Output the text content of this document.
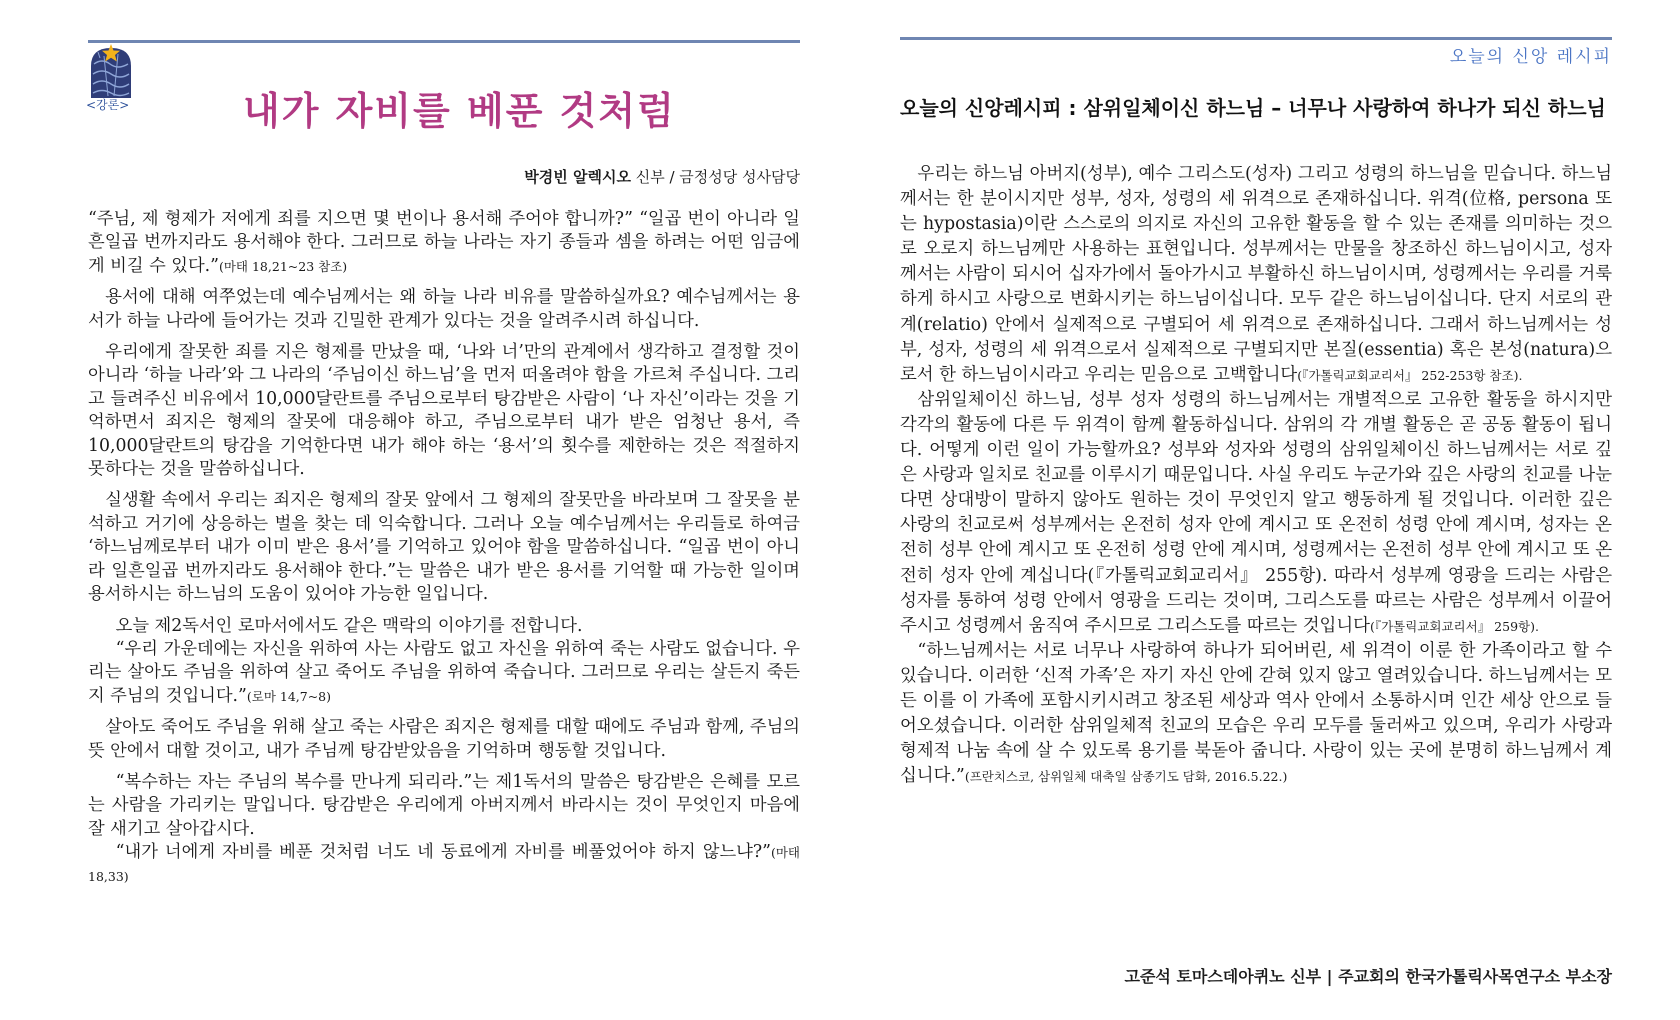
<강론>	내가 자비를 베푼 것처럼
박경빈 알렉시오 신부 / 금정성당 성사담당

“주님, 제 형제가 저에게 죄를 지으면 몇 번이나 용서해 주어야 합니까?” “일곱 번이 아니라 일흔일곱 번까지라도 용서해야 한다. 그러므로 하늘 나라는 자기 종들과 셈을 하려는 어떤 임금에게 비길 수 있다.”(마태 18,21~23 참조)

용서에 대해 여쭈었는데 예수님께서는 왜 하늘 나라 비유를 말씀하실까요? 예수님께서는 용서가 하늘 나라에 들어가는 것과 긴밀한 관계가 있다는 것을 알려주시려 하십니다.

우리에게 잘못한 죄를 지은 형제를 만났을 때, ‘나와 너’만의 관계에서 생각하고 결정할 것이 아니라 ‘하늘 나라’와 그 나라의 ‘주님이신 하느님’을 먼저 떠올려야 함을 가르쳐 주십니다. 그리고 들려주신 비유에서 10,000달란트를 주님으로부터 탕감받은 사람이 ‘나 자신’이라는 것을 기억하면서 죄지은 형제의 잘못에 대응해야 하고, 주님으로부터 내가 받은 엄청난 용서, 즉 10,000달란트의 탕감을 기억한다면 내가 해야 하는 ‘용서’의 횟수를 제한하는 것은 적절하지 못하다는 것을 말씀하십니다.

실생활 속에서 우리는 죄지은 형제의 잘못 앞에서 그 형제의 잘못만을 바라보며 그 잘못을 분석하고 거기에 상응하는 벌을 찾는 데 익숙합니다. 그러나 오늘 예수님께서는 우리들로 하여금 ‘하느님께로부터 내가 이미 받은 용서’를 기억하고 있어야 함을 말씀하십니다. “일곱 번이 아니라 일흔일곱 번까지라도 용서해야 한다.”는 말씀은 내가 받은 용서를 기억할 때 가능한 일이며 용서하시는 하느님의 도움이 있어야 가능한 일입니다.

오늘 제2독서인 로마서에서도 같은 맥락의 이야기를 전합니다.

“우리 가운데에는 자신을 위하여 사는 사람도 없고 자신을 위하여 죽는 사람도 없습니다. 우리는 살아도 주님을 위하여 살고 죽어도 주님을 위하여 죽습니다. 그러므로 우리는 살든지 죽든지 주님의 것입니다.”(로마 14,7~8)

살아도 죽어도 주님을 위해 살고 죽는 사람은 죄지은 형제를 대할 때에도 주님과 함께, 주님의 뜻 안에서 대할 것이고, 내가 주님께 탕감받았음을 기억하며 행동할 것입니다.

“복수하는 자는 주님의 복수를 만나게 되리라.”는 제1독서의 말씀은 탕감받은 은혜를 모르는 사람을 가리키는 말입니다. 탕감받은 우리에게 아버지께서 바라시는 것이 무엇인지 마음에 잘 새기고 살아갑시다.

“내가 너에게 자비를 베푼 것처럼 너도 네 동료에게 자비를 베풀었어야 하지 않느냐?”(마태 18,33)

오늘의 신앙 레시피
오늘의 신앙레시피 : 삼위일체이신 하느님 – 너무나 사랑하여 하나가 되신 하느님

우리는 하느님 아버지(성부), 예수 그리스도(성자) 그리고 성령의 하느님을 믿습니다. 하느님께서는 한 분이시지만 성부, 성자, 성령의 세 위격으로 존재하십니다. 위격(位格, persona 또는 hypostasia)이란 스스로의 의지로 자신의 고유한 활동을 할 수 있는 존재를 의미하는 것으로 오로지 하느님께만 사용하는 표현입니다. 성부께서는 만물을 창조하신 하느님이시고, 성자께서는 사람이 되시어 십자가에서 돌아가시고 부활하신 하느님이시며, 성령께서는 우리를 거룩하게 하시고 사랑으로 변화시키는 하느님이십니다. 모두 같은 하느님이십니다. 단지 서로의 관계(relatio) 안에서 실제적으로 구별되어 세 위격으로 존재하십니다. 그래서 하느님께서는 성부, 성자, 성령의 세 위격으로서 실제적으로 구별되지만 본질(essentia) 혹은 본성(natura)으로서 한 하느님이시라고 우리는 믿음으로 고백합니다(『가톨릭교회교리서』 252-253항 참조).

삼위일체이신 하느님, 성부 성자 성령의 하느님께서는 개별적으로 고유한 활동을 하시지만 각각의 활동에 다른 두 위격이 함께 활동하십니다. 삼위의 각 개별 활동은 곧 공동 활동이 됩니다. 어떻게 이런 일이 가능할까요? 성부와 성자와 성령의 삼위일체이신 하느님께서는 서로 깊은 사랑과 일치로 친교를 이루시기 때문입니다. 사실 우리도 누군가와 깊은 사랑의 친교를 나눈다면 상대방이 말하지 않아도 원하는 것이 무엇인지 알고 행동하게 될 것입니다. 이러한 깊은 사랑의 친교로써 성부께서는 온전히 성자 안에 계시고 또 온전히 성령 안에 계시며, 성자는 온전히 성부 안에 계시고 또 온전히 성령 안에 계시며, 성령께서는 온전히 성부 안에 계시고 또 온전히 성자 안에 계십니다(『가톨릭교회교리서』 255항). 따라서 성부께 영광을 드리는 사람은 성자를 통하여 성령 안에서 영광을 드리는 것이며, 그리스도를 따르는 사람은 성부께서 이끌어 주시고 성령께서 움직여 주시므로 그리스도를 따르는 것입니다(『가톨릭교회교리서』 259항).

“하느님께서는 서로 너무나 사랑하여 하나가 되어버린, 세 위격이 이룬 한 가족이라고 할 수 있습니다. 이러한 ‘신적 가족’은 자기 자신 안에 갇혀 있지 않고 열려있습니다. 하느님께서는 모든 이를 이 가족에 포함시키시려고 창조된 세상과 역사 안에서 소통하시며 인간 세상 안으로 들어오셨습니다. 이러한 삼위일체적 친교의 모습은 우리 모두를 둘러싸고 있으며, 우리가 사랑과 형제적 나눔 속에 살 수 있도록 용기를 북돋아 줍니다. 사랑이 있는 곳에 분명히 하느님께서 계십니다.”(프란치스코, 삼위일체 대축일 삼종기도 담화, 2016.5.22.)

고준석 토마스데아퀴노 신부 | 주교회의 한국가톨릭사목연구소 부소장
